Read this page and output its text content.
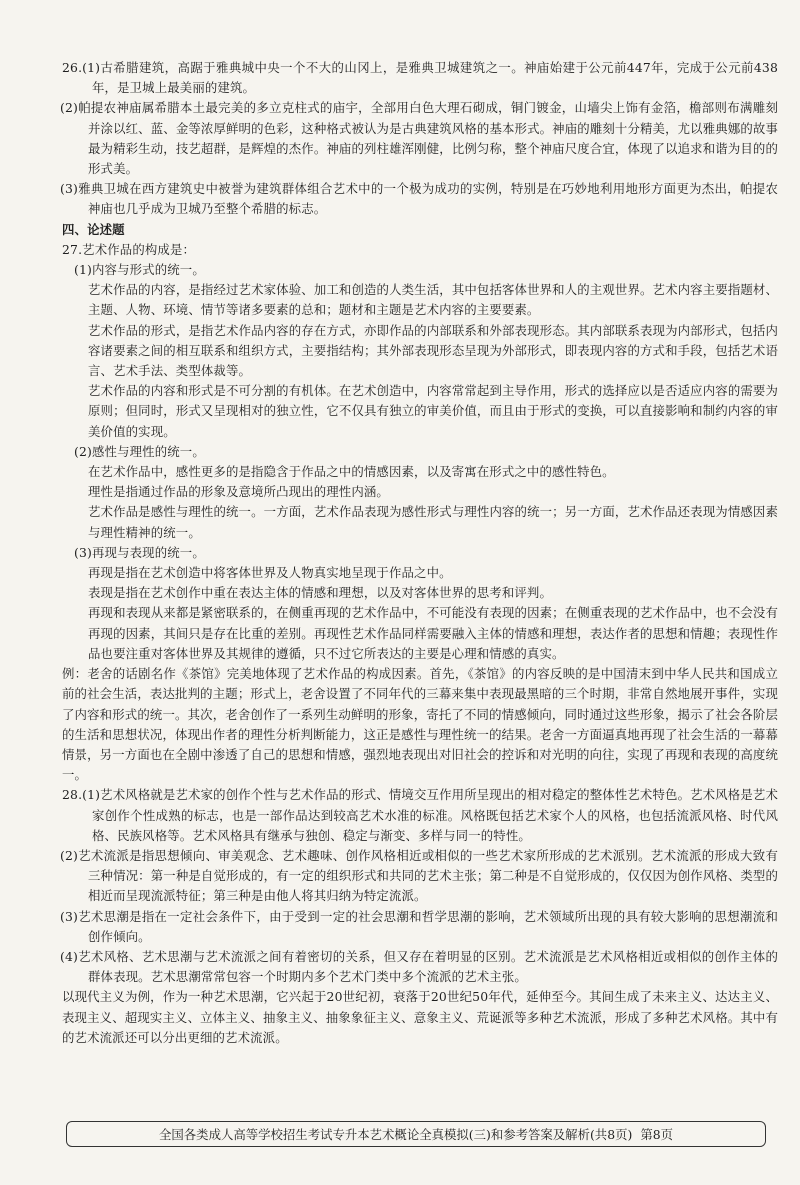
26.(1)古希腊建筑，高踞于雅典城中央一个不大的山冈上，是雅典卫城建筑之一。神庙始建于公元前447年，完成于公元前438年，是卫城上最美丽的建筑。

(2)帕提农神庙属希腊本土最完美的多立克柱式的庙宇，全部用白色大理石砌成，铜门镀金，山墙尖上饰有金箔，檐部则布满雕刻并涂以红、蓝、金等浓厚鲜明的色彩，这种格式被认为是古典建筑风格的基本形式。神庙的雕刻十分精美，尤以雅典娜的故事最为精彩生动，技艺超群，是辉煌的杰作。神庙的列柱雄浑刚健，比例匀称，整个神庙尺度合宜，体现了以追求和谐为目的的形式美。

(3)雅典卫城在西方建筑史中被誉为建筑群体组合艺术中的一个极为成功的实例，特别是在巧妙地利用地形方面更为杰出，帕提农神庙也几乎成为卫城乃至整个希腊的标志。

四、论述题

27.艺术作品的构成是：

(1)内容与形式的统一。

艺术作品的内容，是指经过艺术家体验、加工和创造的人类生活，其中包括客体世界和人的主观世界。艺术内容主要指题材、主题、人物、环境、情节等诸多要素的总和；题材和主题是艺术内容的主要要素。

艺术作品的形式，是指艺术作品内容的存在方式，亦即作品的内部联系和外部表现形态。其内部联系表现为内部形式，包括内容诸要素之间的相互联系和组织方式，主要指结构；其外部表现形态呈现为外部形式，即表现内容的方式和手段，包括艺术语言、艺术手法、类型体裁等。

艺术作品的内容和形式是不可分割的有机体。在艺术创造中，内容常常起到主导作用，形式的选择应以是否适应内容的需要为原则；但同时，形式又呈现相对的独立性，它不仅具有独立的审美价值，而且由于形式的变换，可以直接影响和制约内容的审美价值的实现。

(2)感性与理性的统一。

在艺术作品中，感性更多的是指隐含于作品之中的情感因素，以及寄寓在形式之中的感性特色。

理性是指通过作品的形象及意境所凸现出的理性内涵。

艺术作品是感性与理性的统一。一方面，艺术作品表现为感性形式与理性内容的统一；另一方面，艺术作品还表现为情感因素与理性精神的统一。

(3)再现与表现的统一。

再现是指在艺术创造中将客体世界及人物真实地呈现于作品之中。

表现是指在艺术创作中重在表达主体的情感和理想，以及对客体世界的思考和评判。

再现和表现从来都是紧密联系的，在侧重再现的艺术作品中，不可能没有表现的因素；在侧重表现的艺术作品中，也不会没有再现的因素，其间只是存在比重的差别。再现性艺术作品同样需要融入主体的情感和理想，表达作者的思想和情趣；表现性作品也要注重对客体世界及其规律的遵循，只不过它所表达的主要是心理和情感的真实。

例：老舍的话剧名作《茶馆》完美地体现了艺术作品的构成因素。首先，《茶馆》的内容反映的是中国清末到中华人民共和国成立前的社会生活，表达批判的主题；形式上，老舍设置了不同年代的三幕来集中表现最黑暗的三个时期，非常自然地展开事件，实现了内容和形式的统一。其次，老舍创作了一系列生动鲜明的形象，寄托了不同的情感倾向，同时通过这些形象，揭示了社会各阶层的生活和思想状况，体现出作者的理性分析判断能力，这正是感性与理性统一的结果。老舍一方面逼真地再现了社会生活的一幕幕情景，另一方面也在全剧中渗透了自己的思想和情感，强烈地表现出对旧社会的控诉和对光明的向往，实现了再现和表现的高度统一。

28.(1)艺术风格就是艺术家的创作个性与艺术作品的形式、情境交互作用所呈现出的相对稳定的整体性艺术特色。艺术风格是艺术家创作个性成熟的标志，也是一部作品达到较高艺术水准的标准。风格既包括艺术家个人的风格，也包括流派风格、时代风格、民族风格等。艺术风格具有继承与独创、稳定与渐变、多样与同一的特性。

(2)艺术流派是指思想倾向、审美观念、艺术趣味、创作风格相近或相似的一些艺术家所形成的艺术派别。艺术流派的形成大致有三种情况：第一种是自觉形成的，有一定的组织形式和共同的艺术主张；第二种是不自觉形成的，仅仅因为创作风格、类型的相近而呈现流派特征；第三种是由他人将其归纳为特定流派。

(3)艺术思潮是指在一定社会条件下，由于受到一定的社会思潮和哲学思潮的影响，艺术领域所出现的具有较大影响的思想潮流和创作倾向。

(4)艺术风格、艺术思潮与艺术流派之间有着密切的关系，但又存在着明显的区别。艺术流派是艺术风格相近或相似的创作主体的群体表现。艺术思潮常常包容一个时期内多个艺术门类中多个流派的艺术主张。

以现代主义为例，作为一种艺术思潮，它兴起于20世纪初，衰落于20世纪50年代，延伸至今。其间生成了未来主义、达达主义、表现主义、超现实主义、立体主义、抽象主义、抽象象征主义、意象主义、荒诞派等多种艺术流派，形成了多种艺术风格。其中有的艺术流派还可以分出更细的艺术流派。

全国各类成人高等学校招生考试专升本艺术概论全真模拟(三)和参考答案及解析(共8页) 第8页
